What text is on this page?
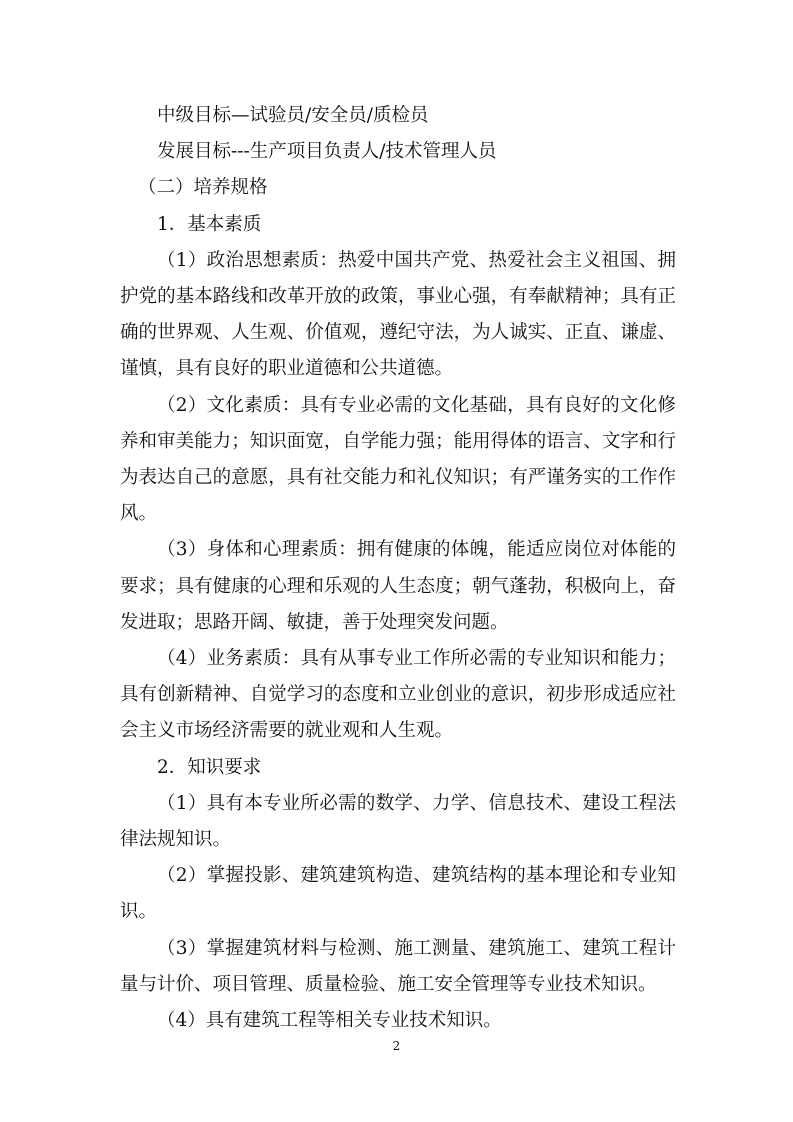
中级目标—试验员/安全员/质检员

发展目标---生产项目负责人/技术管理人员

（二）培养规格

1．基本素质

（1）政治思想素质：热爱中国共产党、热爱社会主义祖国、拥护党的基本路线和改革开放的政策，事业心强，有奉献精神；具有正确的世界观、人生观、价值观，遵纪守法，为人诚实、正直、谦虚、谨慎，具有良好的职业道德和公共道德。

（2）文化素质：具有专业必需的文化基础，具有良好的文化修养和审美能力；知识面宽，自学能力强；能用得体的语言、文字和行为表达自己的意愿，具有社交能力和礼仪知识；有严谨务实的工作作风。

（3）身体和心理素质：拥有健康的体魄，能适应岗位对体能的要求；具有健康的心理和乐观的人生态度；朝气蓬勃，积极向上，奋发进取；思路开阔、敏捷，善于处理突发问题。

（4）业务素质：具有从事专业工作所必需的专业知识和能力；具有创新精神、自觉学习的态度和立业创业的意识，初步形成适应社会主义市场经济需要的就业观和人生观。

2．知识要求

（1）具有本专业所必需的数学、力学、信息技术、建设工程法律法规知识。

（2）掌握投影、建筑建筑构造、建筑结构的基本理论和专业知识。

（3）掌握建筑材料与检测、施工测量、建筑施工、建筑工程计量与计价、项目管理、质量检验、施工安全管理等专业技术知识。

（4）具有建筑工程等相关专业技术知识。

2
